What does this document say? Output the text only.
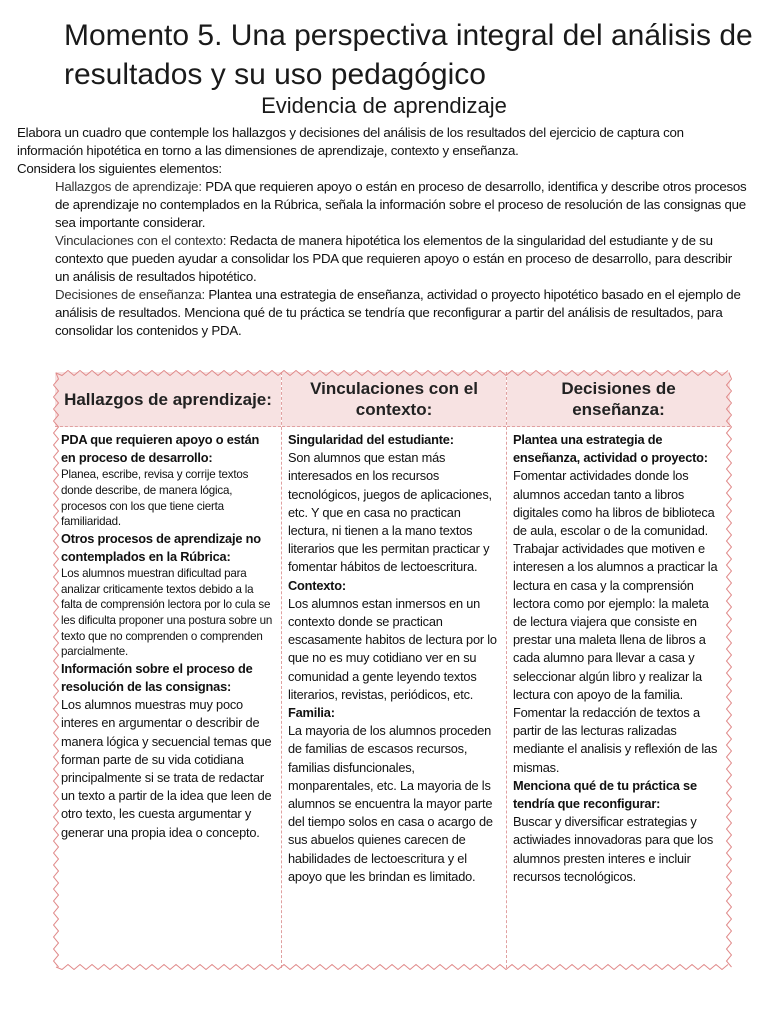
Momento 5. Una perspectiva integral del análisis de resultados y su uso pedagógico
Evidencia de aprendizaje

Elabora un cuadro que contemple los hallazgos y decisiones del análisis de los resultados del ejercicio de captura con información hipotética en torno a las dimensiones de aprendizaje, contexto y enseñanza.

Considera los siguientes elementos:

Hallazgos de aprendizaje: PDA que requieren apoyo o están en proceso de desarrollo, identifica y describe otros procesos de aprendizaje no contemplados en la Rúbrica, señala la información sobre el proceso de resolución de las consignas que sea importante considerar.

Vinculaciones con el contexto: Redacta de manera hipotética los elementos de la singularidad del estudiante y de su contexto que pueden ayudar a consolidar los PDA que requieren apoyo o están en proceso de desarrollo, para describir un análisis de resultados hipotético.

Decisiones de enseñanza: Plantea una estrategia de enseñanza, actividad o proyecto hipotético basado en el ejemplo de análisis de resultados. Menciona qué de tu práctica se tendría que reconfigurar a partir del análisis de resultados, para consolidar los contenidos y PDA.

Hallazgos de aprendizaje:

PDA que requieren apoyo o están en proceso de desarrollo:

Planea, escribe, revisa y corrije textos donde describe, de manera lógica, procesos con los que tiene cierta familiaridad.

Otros procesos de aprendizaje no contemplados en la Rúbrica:

Los alumnos muestran dificultad para analizar criticamente textos debido a la falta de comprensión lectora por lo cula se les dificulta proponer una postura sobre un texto que no comprenden o comprenden parcialmente.

Información sobre el proceso de resolución de las consignas:

Los alumnos muestras muy poco interes en argumentar o describir de manera lógica y secuencial temas que forman parte de su vida cotidiana principalmente si se trata de redactar un texto a partir de la idea que leen de otro texto, les cuesta argumentar y generar una propia idea o concepto.

Vinculaciones con el contexto:

Singularidad del estudiante:

Son alumnos que estan más interesados en los recursos tecnológicos, juegos de aplicaciones, etc. Y que en casa no practican lectura, ni tienen a la mano textos literarios que les permitan practicar y fomentar hábitos de lectoescritura.

Contexto:

Los alumnos estan inmersos en un contexto donde se practican escasamente habitos de lectura por lo que no es muy cotidiano ver en su comunidad a gente leyendo textos literarios, revistas, periódicos, etc.

Familia:

La mayoria de los alumnos proceden de familias de escasos recursos, familias disfuncionales, monparentales, etc. La mayoria de ls alumnos se encuentra la mayor parte del tiempo solos en casa o acargo de sus abuelos quienes carecen de habilidades de lectoescritura y el apoyo que les brindan es limitado.

Decisiones de enseñanza:

Plantea una estrategia de enseñanza, actividad o proyecto:

Fomentar actividades donde los alumnos accedan tanto a libros digitales como ha libros de biblioteca de aula, escolar o de la comunidad.

Trabajar actividades que motiven e interesen a los alumnos a practicar la lectura en casa y la comprensión lectora como por ejemplo: la maleta de lectura viajera que consiste en prestar una maleta llena de libros a cada alumno para llevar a casa y seleccionar algún libro y realizar la lectura con apoyo de la familia.

Fomentar la redacción de textos a partir de las lecturas ralizadas mediante el analisis y reflexión de las mismas.

Menciona qué de tu práctica se tendría que reconfigurar:

Buscar y diversificar estrategias y actiwiades innovadoras para que los alumnos presten interes e incluir recursos tecnológicos.
